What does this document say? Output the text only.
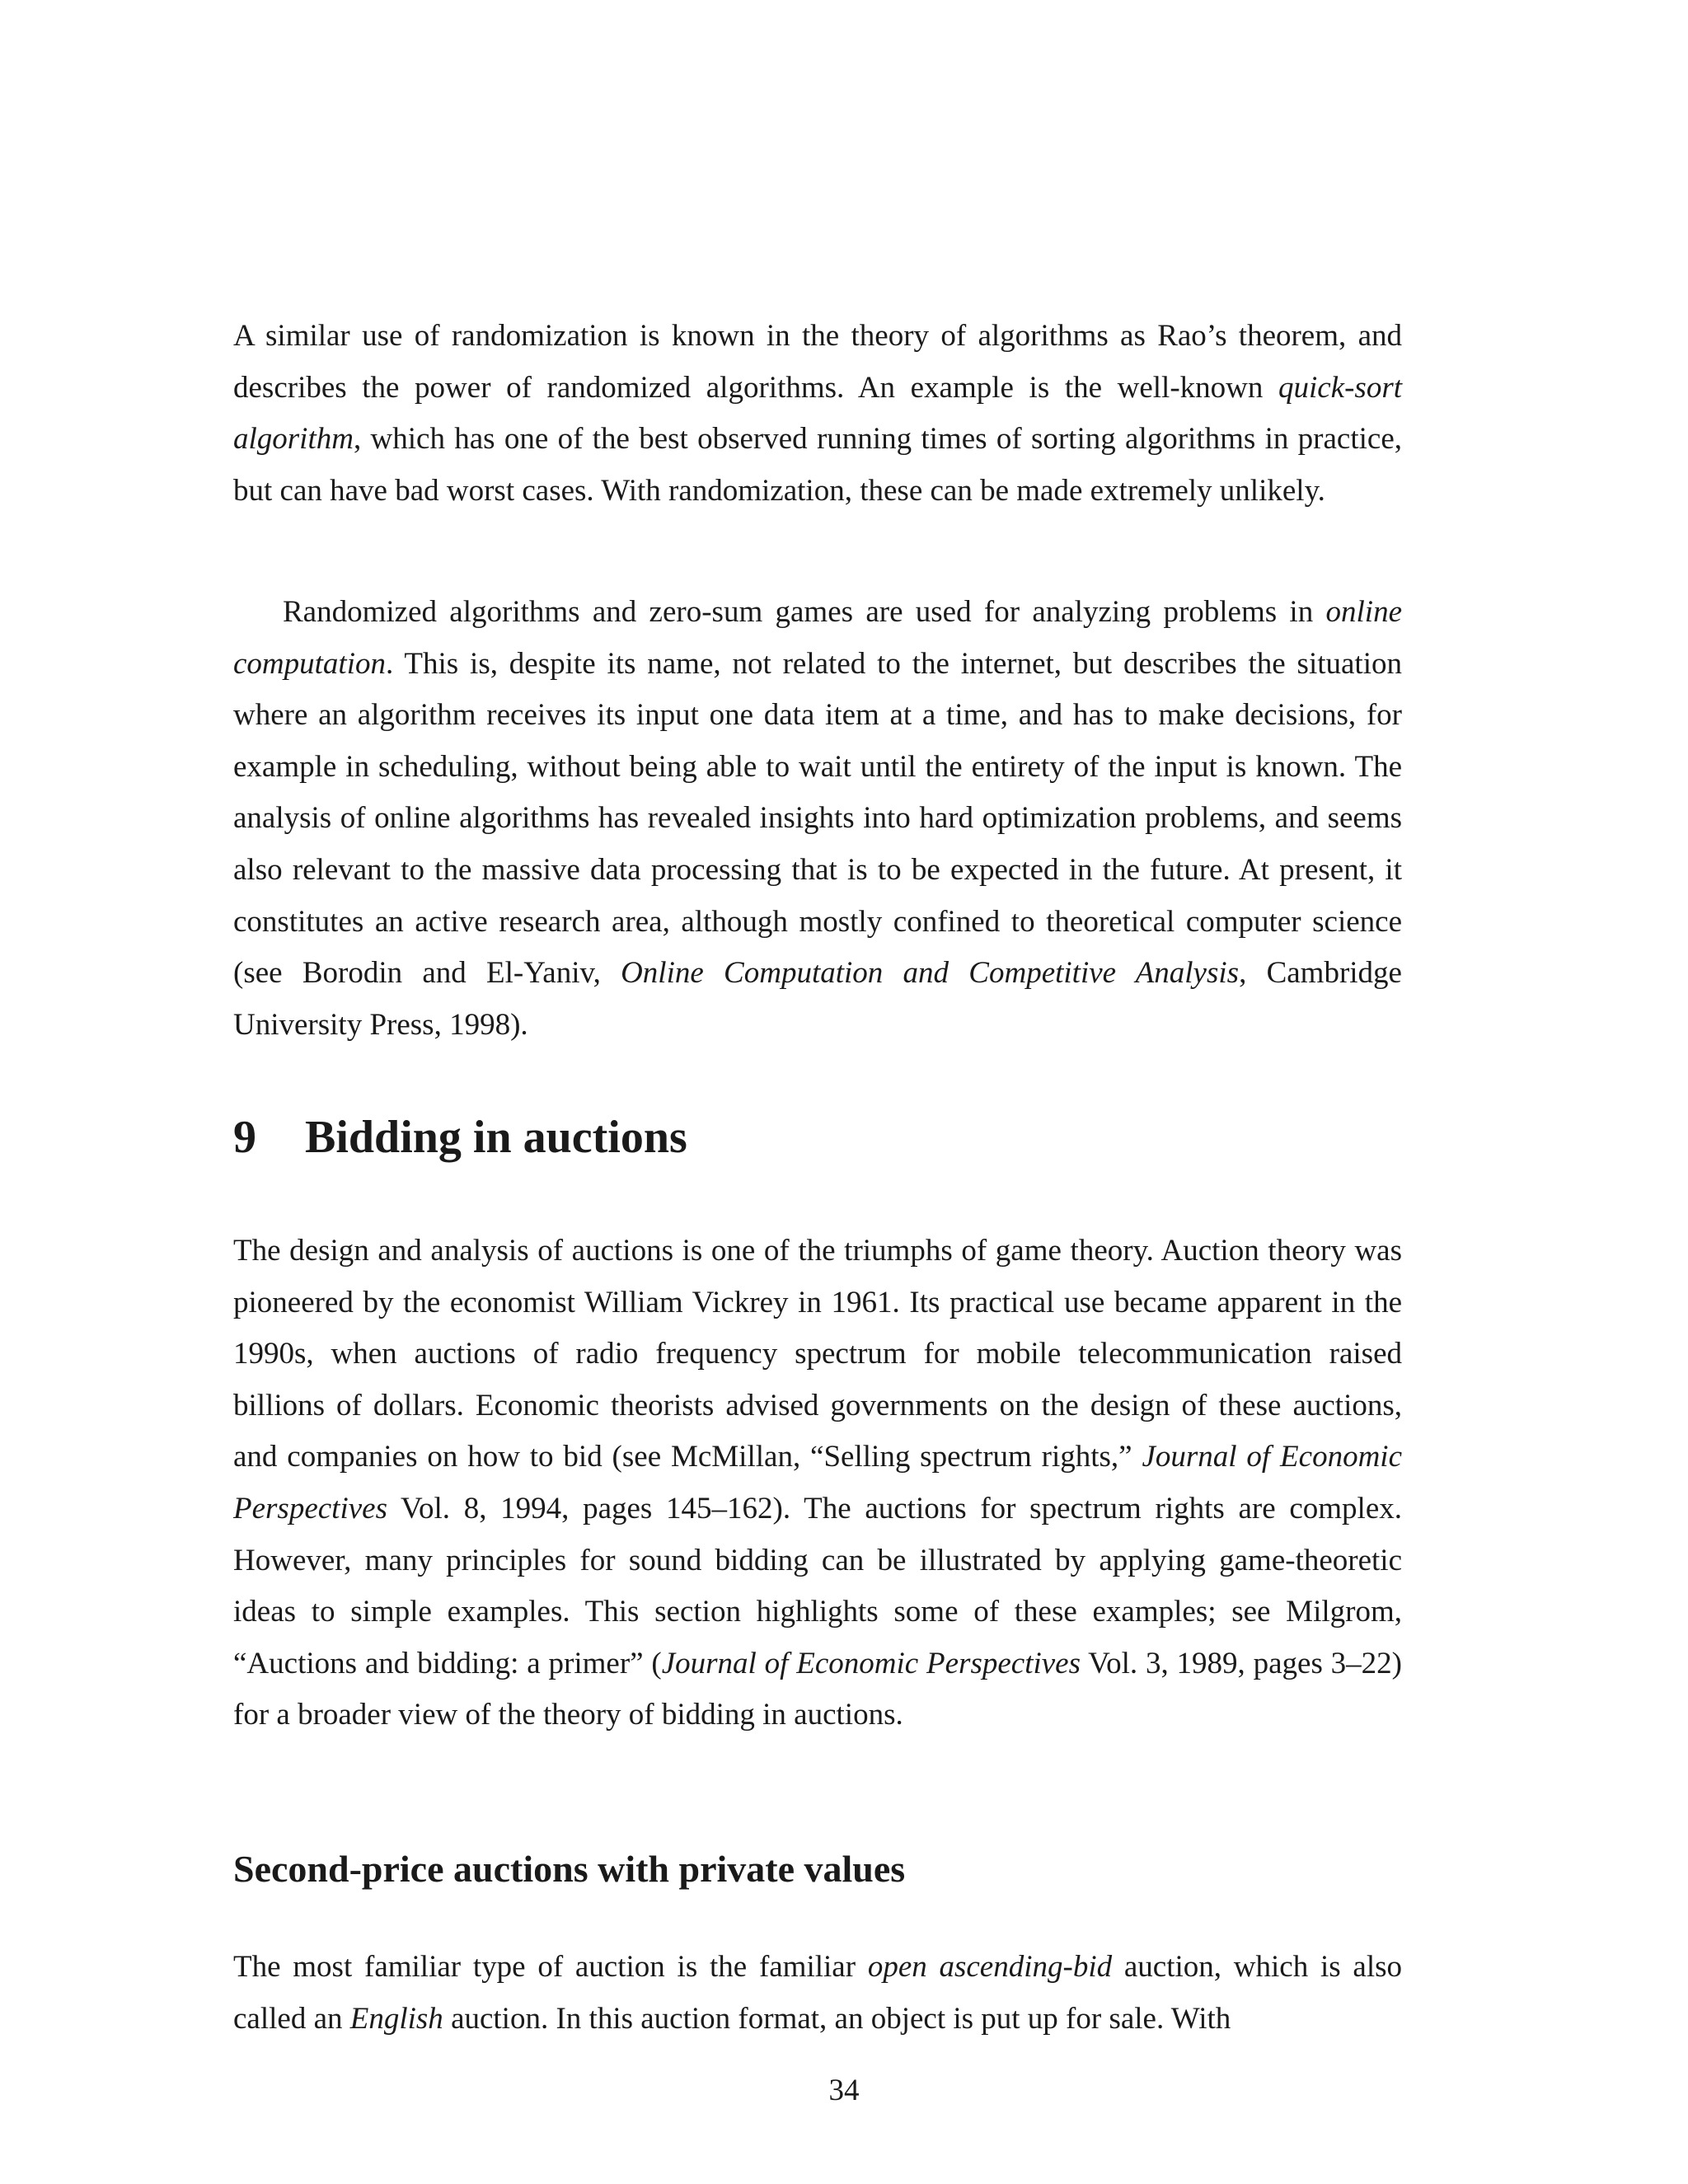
A similar use of randomization is known in the theory of algorithms as Rao’s theorem, and describes the power of randomized algorithms. An example is the well-known quick-sort algorithm, which has one of the best observed running times of sorting algorithms in practice, but can have bad worst cases. With randomization, these can be made extremely unlikely.

Randomized algorithms and zero-sum games are used for analyzing problems in online computation. This is, despite its name, not related to the internet, but describes the situation where an algorithm receives its input one data item at a time, and has to make decisions, for example in scheduling, without being able to wait until the entirety of the input is known. The analysis of online algorithms has revealed insights into hard optimization problems, and seems also relevant to the massive data processing that is to be expected in the future. At present, it constitutes an active research area, although mostly confined to theoretical computer science (see Borodin and El-Yaniv, Online Computation and Competitive Analysis, Cambridge University Press, 1998).

9 Bidding in auctions

The design and analysis of auctions is one of the triumphs of game theory. Auction theory was pioneered by the economist William Vickrey in 1961. Its practical use became apparent in the 1990s, when auctions of radio frequency spectrum for mobile telecommunication raised billions of dollars. Economic theorists advised governments on the design of these auctions, and companies on how to bid (see McMillan, “Selling spectrum rights,” Journal of Economic Perspectives Vol. 8, 1994, pages 145–162). The auctions for spectrum rights are complex. However, many principles for sound bidding can be illustrated by applying game-theoretic ideas to simple examples. This section highlights some of these examples; see Milgrom, “Auctions and bidding: a primer” (Journal of Economic Perspectives Vol. 3, 1989, pages 3–22) for a broader view of the theory of bidding in auctions.

Second-price auctions with private values

The most familiar type of auction is the familiar open ascending-bid auction, which is also called an English auction. In this auction format, an object is put up for sale. With

34
